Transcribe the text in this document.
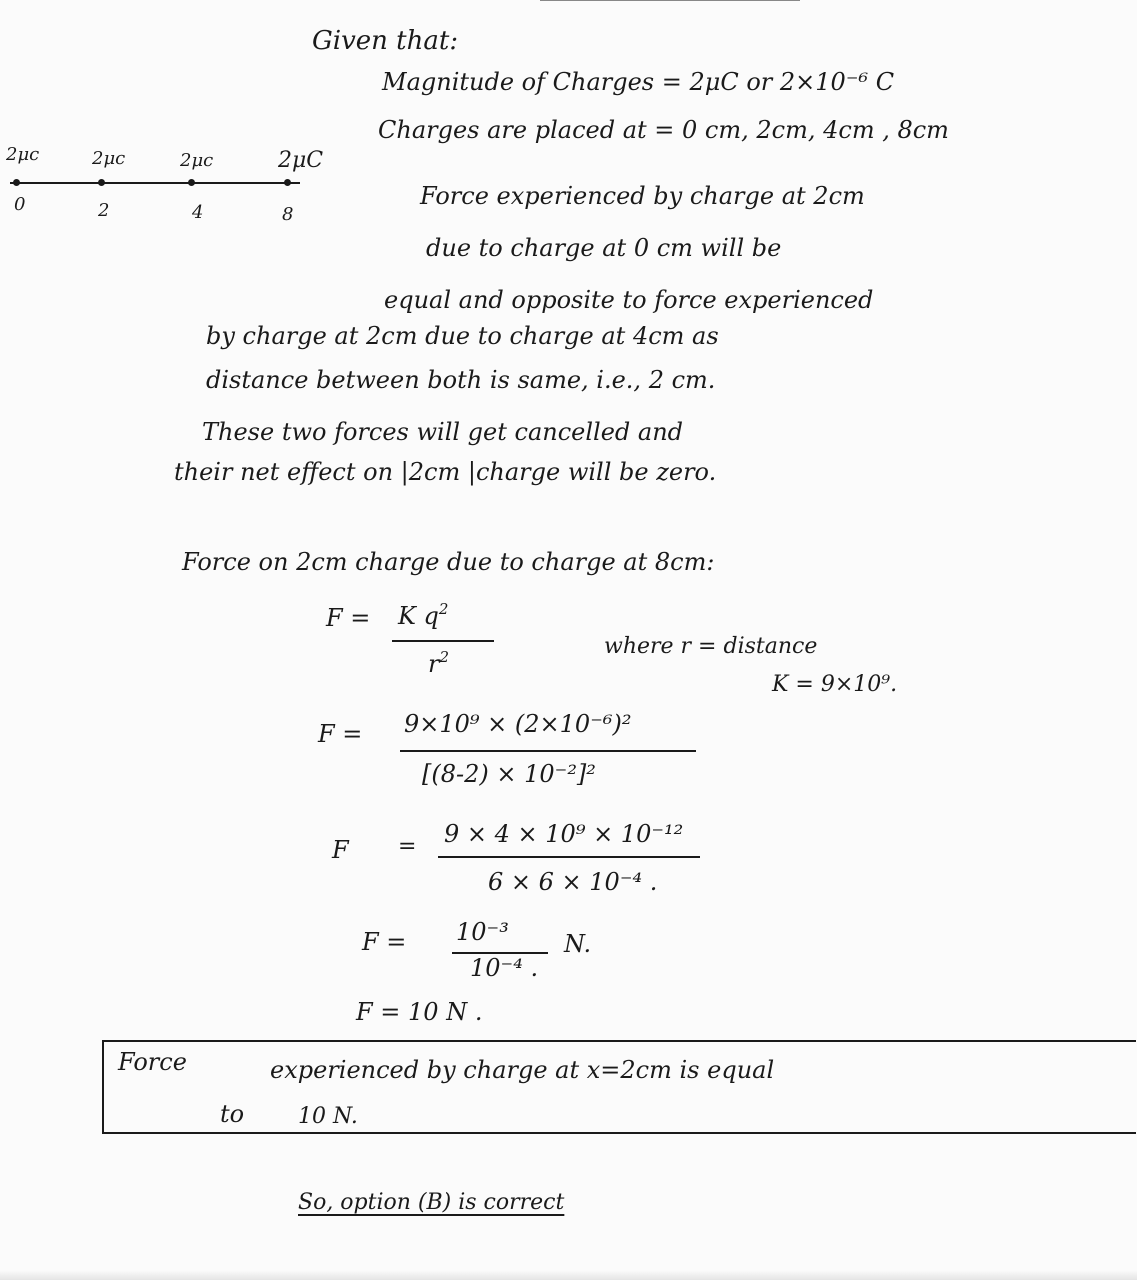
Given that:
Magnitude of Charges = 2μC or 2×10⁻⁶ C
Charges are placed at = 0 cm, 2cm, 4cm , 8cm
2μc	2μc	2μc	2μC
0	2	4	8
Force experienced by charge at 2cm
due to charge at 0 cm will be
equal and opposite to force experienced
by charge at 2cm due to charge at 4cm as
distance between both is same, i.e., 2 cm.
These two forces will get cancelled and
their net effect on |2cm |charge will be zero.
Force on 2cm charge due to charge at 8cm:
F = K $q^2$
$r^2$	where r = distance
K = 9×10⁹.
F = 9×10⁹ × (2×10⁻⁶)²
[(8-2) × 10⁻²]²
F = 9 × 4 × 10⁹ × 10⁻¹²
6 × 6 × 10⁻⁴ .
F = 10⁻³
10⁻⁴ .
N.
F = 10 N .
Force	experienced by charge at x=2cm is equal
to 10 N.
So, option (B) is correct
